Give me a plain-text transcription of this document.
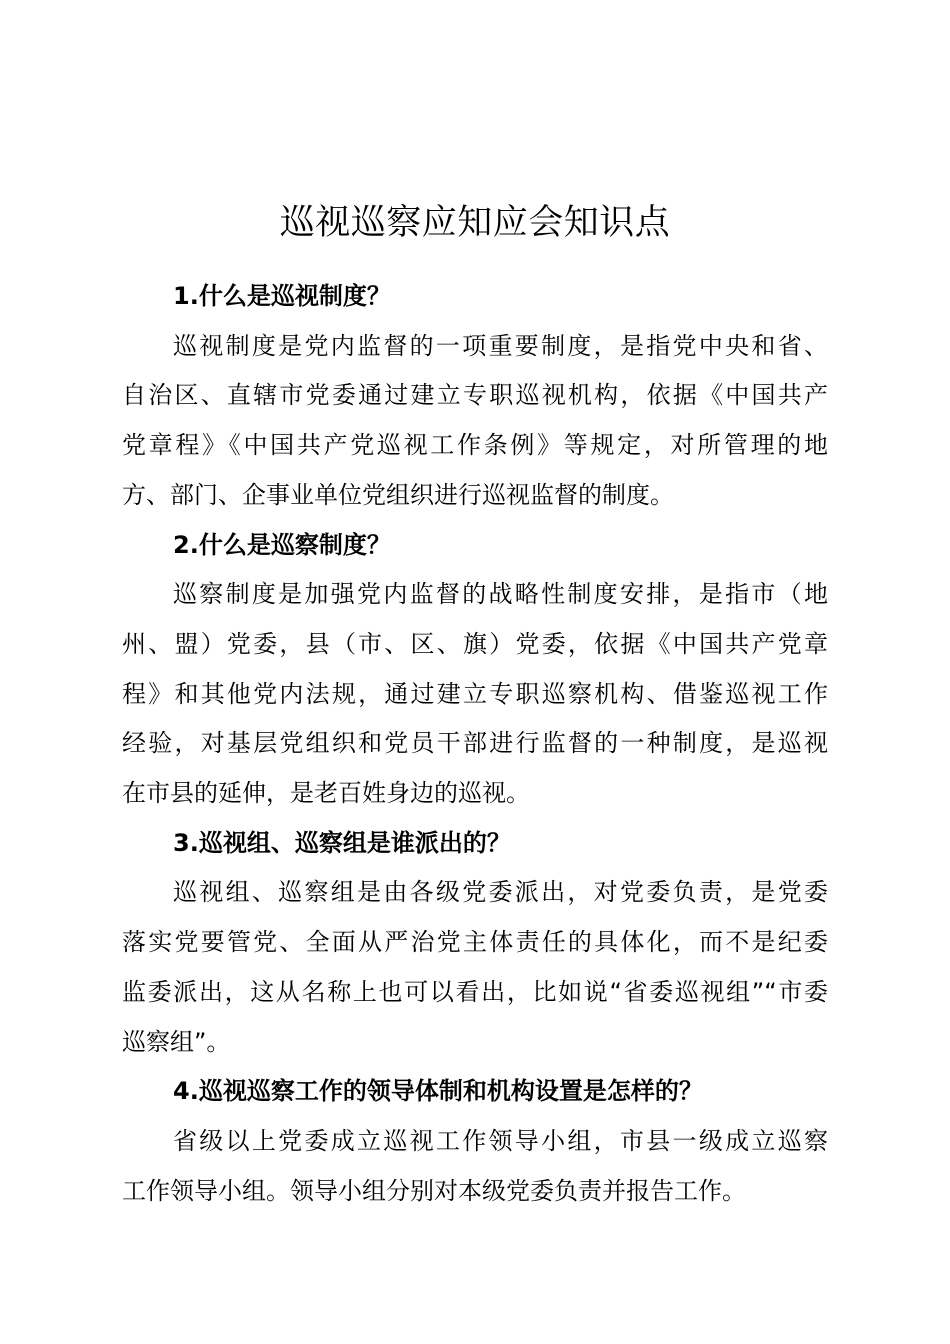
巡视巡察应知应会知识点

1.什么是巡视制度？

巡视制度是党内监督的一项重要制度，是指党中央和省、
自治区、直辖市党委通过建立专职巡视机构，依据《中国共产
党章程》《中国共产党巡视工作条例》等规定，对所管理的地
方、部门、企事业单位党组织进行巡视监督的制度。

2.什么是巡察制度？

巡察制度是加强党内监督的战略性制度安排，是指市（地
州、盟）党委，县（市、区、旗）党委，依据《中国共产党章
程》和其他党内法规，通过建立专职巡察机构、借鉴巡视工作
经验，对基层党组织和党员干部进行监督的一种制度，是巡视
在市县的延伸，是老百姓身边的巡视。

3.巡视组、巡察组是谁派出的？

巡视组、巡察组是由各级党委派出，对党委负责，是党委
落实党要管党、全面从严治党主体责任的具体化，而不是纪委
监委派出，这从名称上也可以看出，比如说“省委巡视组”“市委
巡察组”。

4.巡视巡察工作的领导体制和机构设置是怎样的？

省级以上党委成立巡视工作领导小组，市县一级成立巡察
工作领导小组。领导小组分别对本级党委负责并报告工作。
